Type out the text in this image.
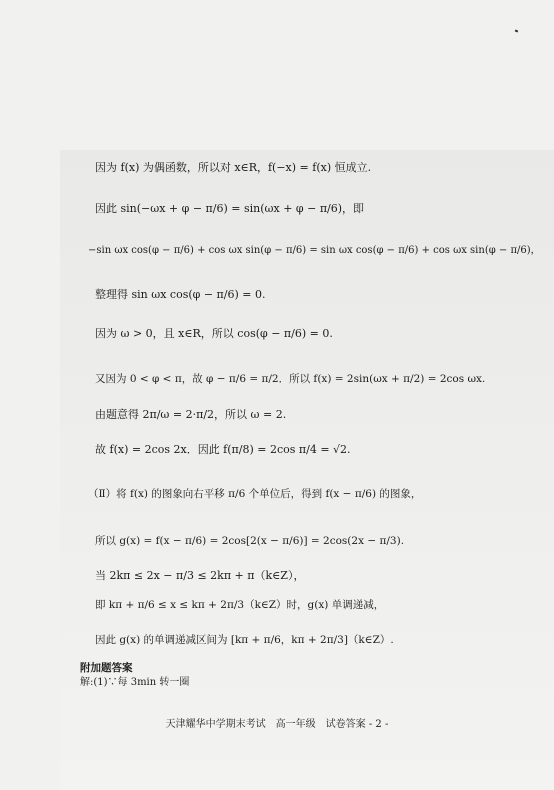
因为 f(x) 为偶函数，所以对 x∈R，f(−x) = f(x) 恒成立.
因此 sin(−ωx + φ − π/6) = sin(ωx + φ − π/6)，即
−sin ωx cos(φ − π/6) + cos ωx sin(φ − π/6) = sin ωx cos(φ − π/6) + cos ωx sin(φ − π/6)，
整理得 sin ωx cos(φ − π/6) = 0.
因为 ω > 0，且 x∈R，所以 cos(φ − π/6) = 0.
又因为 0 < φ < π，故 φ − π/6 = π/2．所以 f(x) = 2sin(ωx + π/2) = 2cos ωx.
由题意得 2π/ω = 2·π/2，所以 ω = 2.
故 f(x) = 2cos 2x．因此 f(π/8) = 2cos π/4 = √2.
（Ⅱ）将 f(x) 的图象向右平移 π/6 个单位后，得到 f(x − π/6) 的图象，
所以 g(x) = f(x − π/6) = 2cos[2(x − π/6)] = 2cos(2x − π/3).
当 2kπ ≤ 2x − π/3 ≤ 2kπ + π（k∈Z），
即 kπ + π/6 ≤ x ≤ kπ + 2π/3（k∈Z）时，g(x) 单调递减，
因此 g(x) 的单调递减区间为 [kπ + π/6，kπ + 2π/3]（k∈Z）.
附加题答案
解:(1)∵每 3min 转一圈
天津耀华中学期末考试　高一年级　试卷答案 - 2 -
